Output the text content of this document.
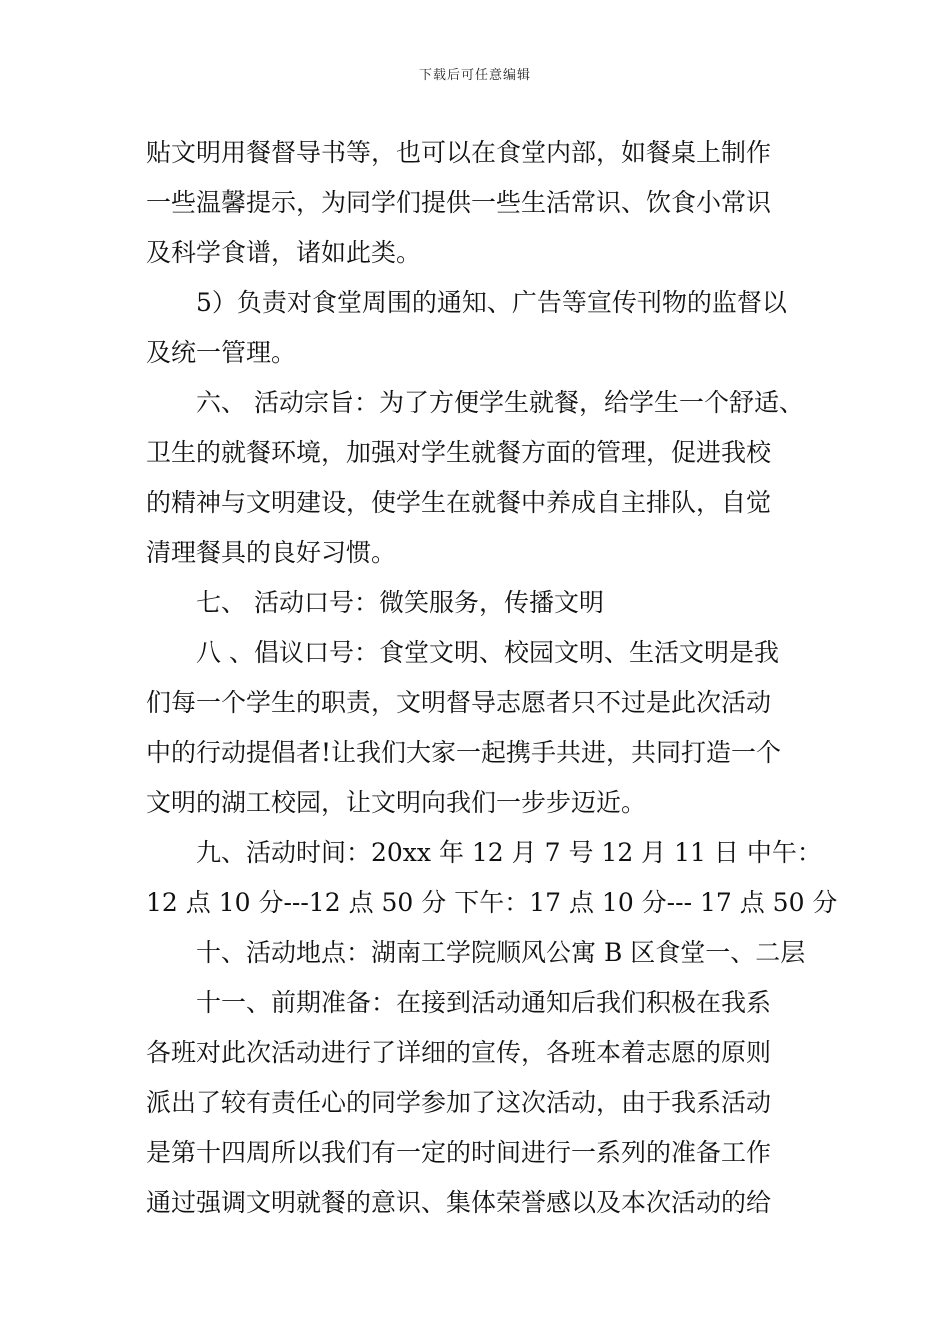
下载后可任意编辑

贴文明用餐督导书等，也可以在食堂内部，如餐桌上制作
一些温馨提示，为同学们提供一些生活常识、饮食小常识
及科学食谱，诸如此类。

5）负责对食堂周围的通知、广告等宣传刊物的监督以
及统一管理。

六、 活动宗旨：为了方便学生就餐，给学生一个舒适、
卫生的就餐环境，加强对学生就餐方面的管理，促进我校
的精神与文明建设，使学生在就餐中养成自主排队，自觉
清理餐具的良好习惯。

七、 活动口号：微笑服务，传播文明

八 、倡议口号：食堂文明、校园文明、生活文明是我
们每一个学生的职责，文明督导志愿者只不过是此次活动
中的行动提倡者!让我们大家一起携手共进，共同打造一个
文明的湖工校园，让文明向我们一步步迈近。

九、活动时间：20xx 年 12 月 7 号 12 月 11 日 中午：
12 点 10 分---12 点 50 分 下午：17 点 10 分--- 17 点 50 分

十、活动地点：湖南工学院顺风公寓 B 区食堂一、二层

十一、前期准备：在接到活动通知后我们积极在我系
各班对此次活动进行了详细的宣传，各班本着志愿的原则
派出了较有责任心的同学参加了这次活动，由于我系活动
是第十四周所以我们有一定的时间进行一系列的准备工作
通过强调文明就餐的意识、集体荣誉感以及本次活动的给
